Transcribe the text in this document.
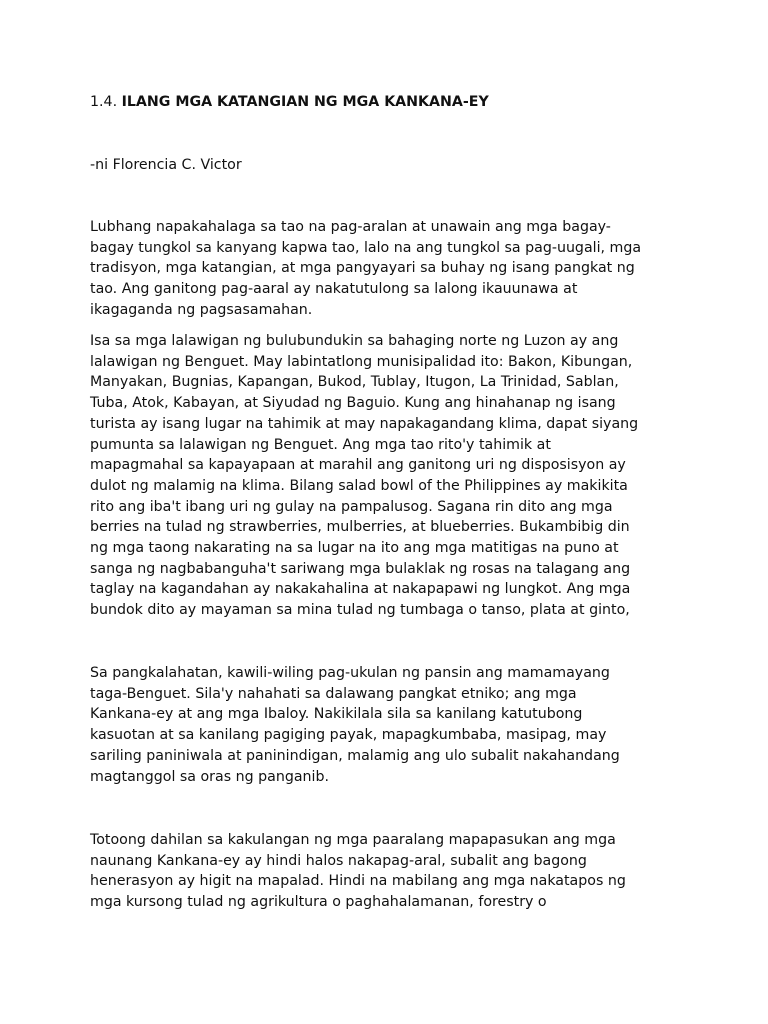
1.4. ILANG MGA KATANGIAN NG MGA KANKANA-EY
-ni Florencia C. Victor

Lubhang napakahalaga sa tao na pag-aralan at unawain ang mga bagay-
bagay tungkol sa kanyang kapwa tao, lalo na ang tungkol sa pag-uugali, mga
tradisyon, mga katangian, at mga pangyayari sa buhay ng isang pangkat ng
tao. Ang ganitong pag-aaral ay nakatutulong sa lalong ikauunawa at
ikagaganda ng pagsasamahan.

Isa sa mga lalawigan ng bulubundukin sa bahaging norte ng Luzon ay ang
lalawigan ng Benguet. May labintatlong munisipalidad ito: Bakon, Kibungan,
Manyakan, Bugnias, Kapangan, Bukod, Tublay, Itugon, La Trinidad, Sablan,
Tuba, Atok, Kabayan, at Siyudad ng Baguio. Kung ang hinahanap ng isang
turista ay isang lugar na tahimik at may napakagandang klima, dapat siyang
pumunta sa lalawigan ng Benguet. Ang mga tao rito'y tahimik at
mapagmahal sa kapayapaan at marahil ang ganitong uri ng disposisyon ay
dulot ng malamig na klima. Bilang salad bowl of the Philippines ay makikita
rito ang iba't ibang uri ng gulay na pampalusog. Sagana rin dito ang mga
berries na tulad ng strawberries, mulberries, at blueberries. Bukambibig din
ng mga taong nakarating na sa lugar na ito ang mga matitigas na puno at
sanga ng nagbabanguha't sariwang mga bulaklak ng rosas na talagang ang
taglay na kagandahan ay nakakahalina at nakapapawi ng lungkot. Ang mga
bundok dito ay mayaman sa mina tulad ng tumbaga o tanso, plata at ginto,

Sa pangkalahatan, kawili-wiling pag-ukulan ng pansin ang mamamayang
taga-Benguet. Sila'y nahahati sa dalawang pangkat etniko; ang mga
Kankana-ey at ang mga Ibaloy. Nakikilala sila sa kanilang katutubong
kasuotan at sa kanilang pagiging payak, mapagkumbaba, masipag, may
sariling paniniwala at paninindigan, malamig ang ulo subalit nakahandang
magtanggol sa oras ng panganib.

Totoong dahilan sa kakulangan ng mga paaralang mapapasukan ang mga
naunang Kankana-ey ay hindi halos nakapag-aral, subalit ang bagong
henerasyon ay higit na mapalad. Hindi na mabilang ang mga nakatapos ng
mga kursong tulad ng agrikultura o paghahalamanan, forestry o
